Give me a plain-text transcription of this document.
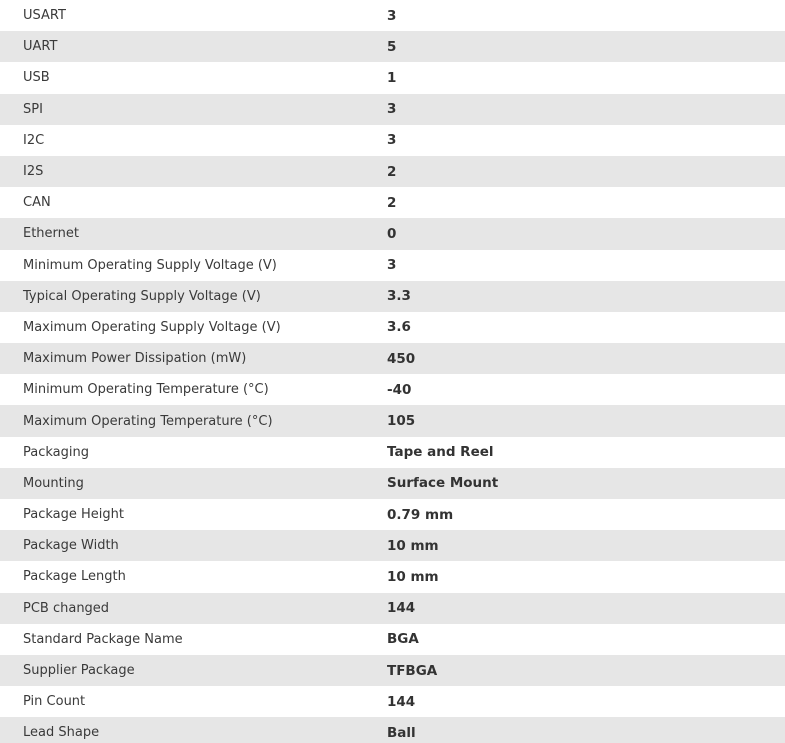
USART	3
UART	5
USB	1
SPI	3
I2C	3
I2S	2
CAN	2
Ethernet	0
Minimum Operating Supply Voltage (V)	3
Typical Operating Supply Voltage (V)	3.3
Maximum Operating Supply Voltage (V)	3.6
Maximum Power Dissipation (mW)	450
Minimum Operating Temperature (°C)	-40
Maximum Operating Temperature (°C)	105
Packaging	Tape and Reel
Mounting	Surface Mount
Package Height	0.79 mm
Package Width	10 mm
Package Length	10 mm
PCB changed	144
Standard Package Name	BGA
Supplier Package	TFBGA
Pin Count	144
Lead Shape	Ball
